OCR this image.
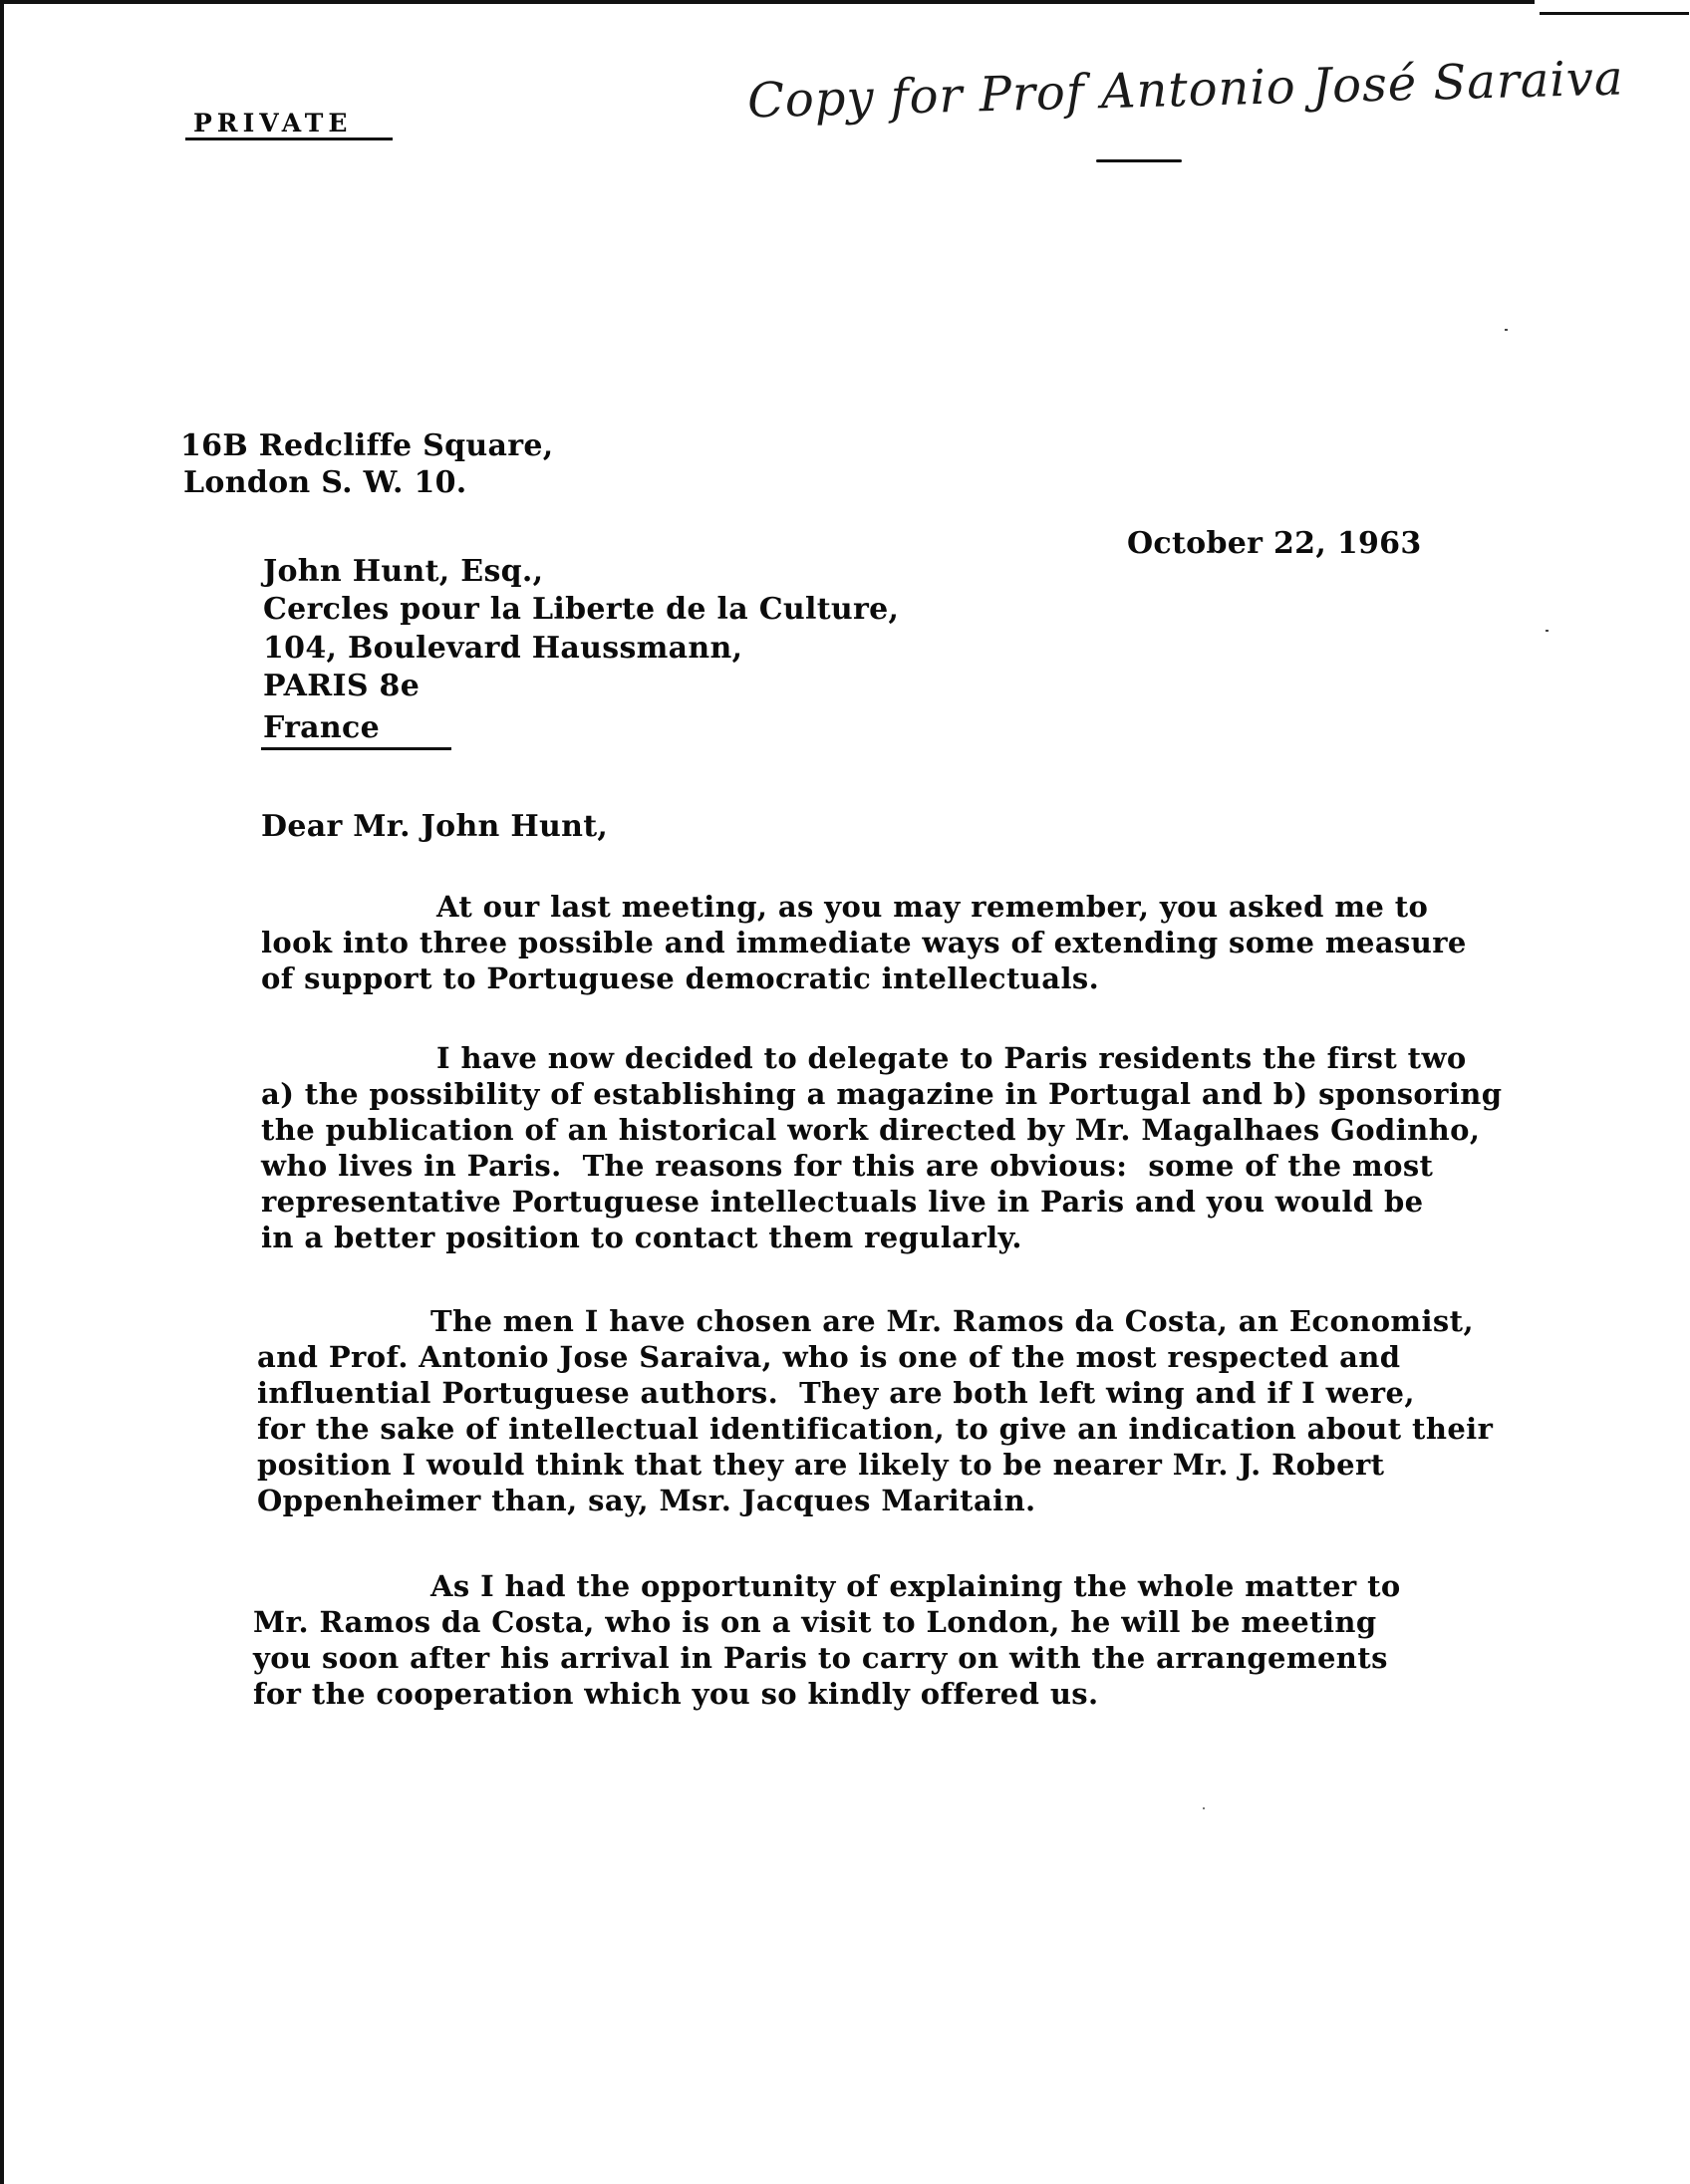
PRIVATE	Copy for Prof Antonio José Saraiva
16B Redcliffe Square,
London S. W. 10.
October 22, 1963
John Hunt, Esq.,
Cercles pour la Liberte de la Culture,
104, Boulevard Haussmann,
PARIS 8e
France
Dear Mr. John Hunt,
At our last meeting, as you may remember, you asked me to
look into three possible and immediate ways of extending some measure
of support to Portuguese democratic intellectuals.
I have now decided to delegate to Paris residents the first two
a) the possibility of establishing a magazine in Portugal and b) sponsoring
the publication of an historical work directed by Mr. Magalhaes Godinho,
who lives in Paris.  The reasons for this are obvious:  some of the most
representative Portuguese intellectuals live in Paris and you would be
in a better position to contact them regularly.
The men I have chosen are Mr. Ramos da Costa, an Economist,
and Prof. Antonio Jose Saraiva, who is one of the most respected and
influential Portuguese authors.  They are both left wing and if I were,
for the sake of intellectual identification, to give an indication about their
position I would think that they are likely to be nearer Mr. J. Robert
Oppenheimer than, say, Msr. Jacques Maritain.
As I had the opportunity of explaining the whole matter to
Mr. Ramos da Costa, who is on a visit to London, he will be meeting
you soon after his arrival in Paris to carry on with the arrangements
for the cooperation which you so kindly offered us.
